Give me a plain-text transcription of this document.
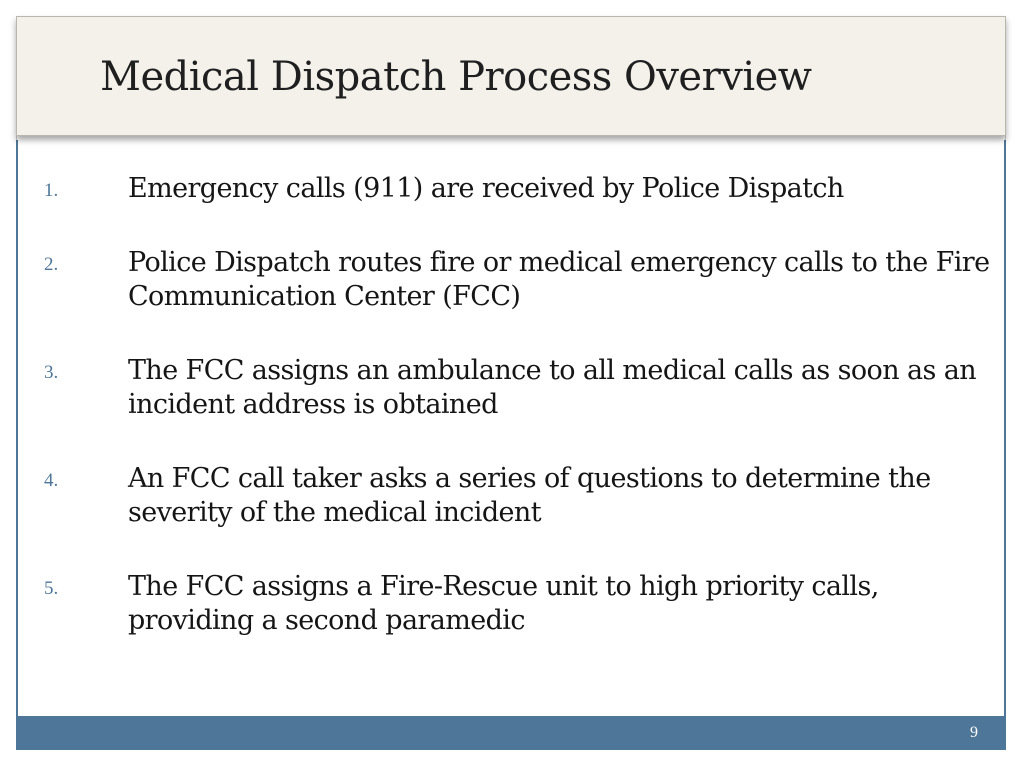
Medical Dispatch Process Overview
1.	Emergency calls (911) are received by Police Dispatch
2.	Police Dispatch routes fire or medical emergency calls to the Fire Communication Center (FCC)
3.	The FCC assigns an ambulance to all medical calls as soon as an incident address is obtained
4.	An FCC call taker asks a series of questions to determine the severity of the medical incident
5.	The FCC assigns a Fire-Rescue unit to high priority calls, providing a second paramedic
9
